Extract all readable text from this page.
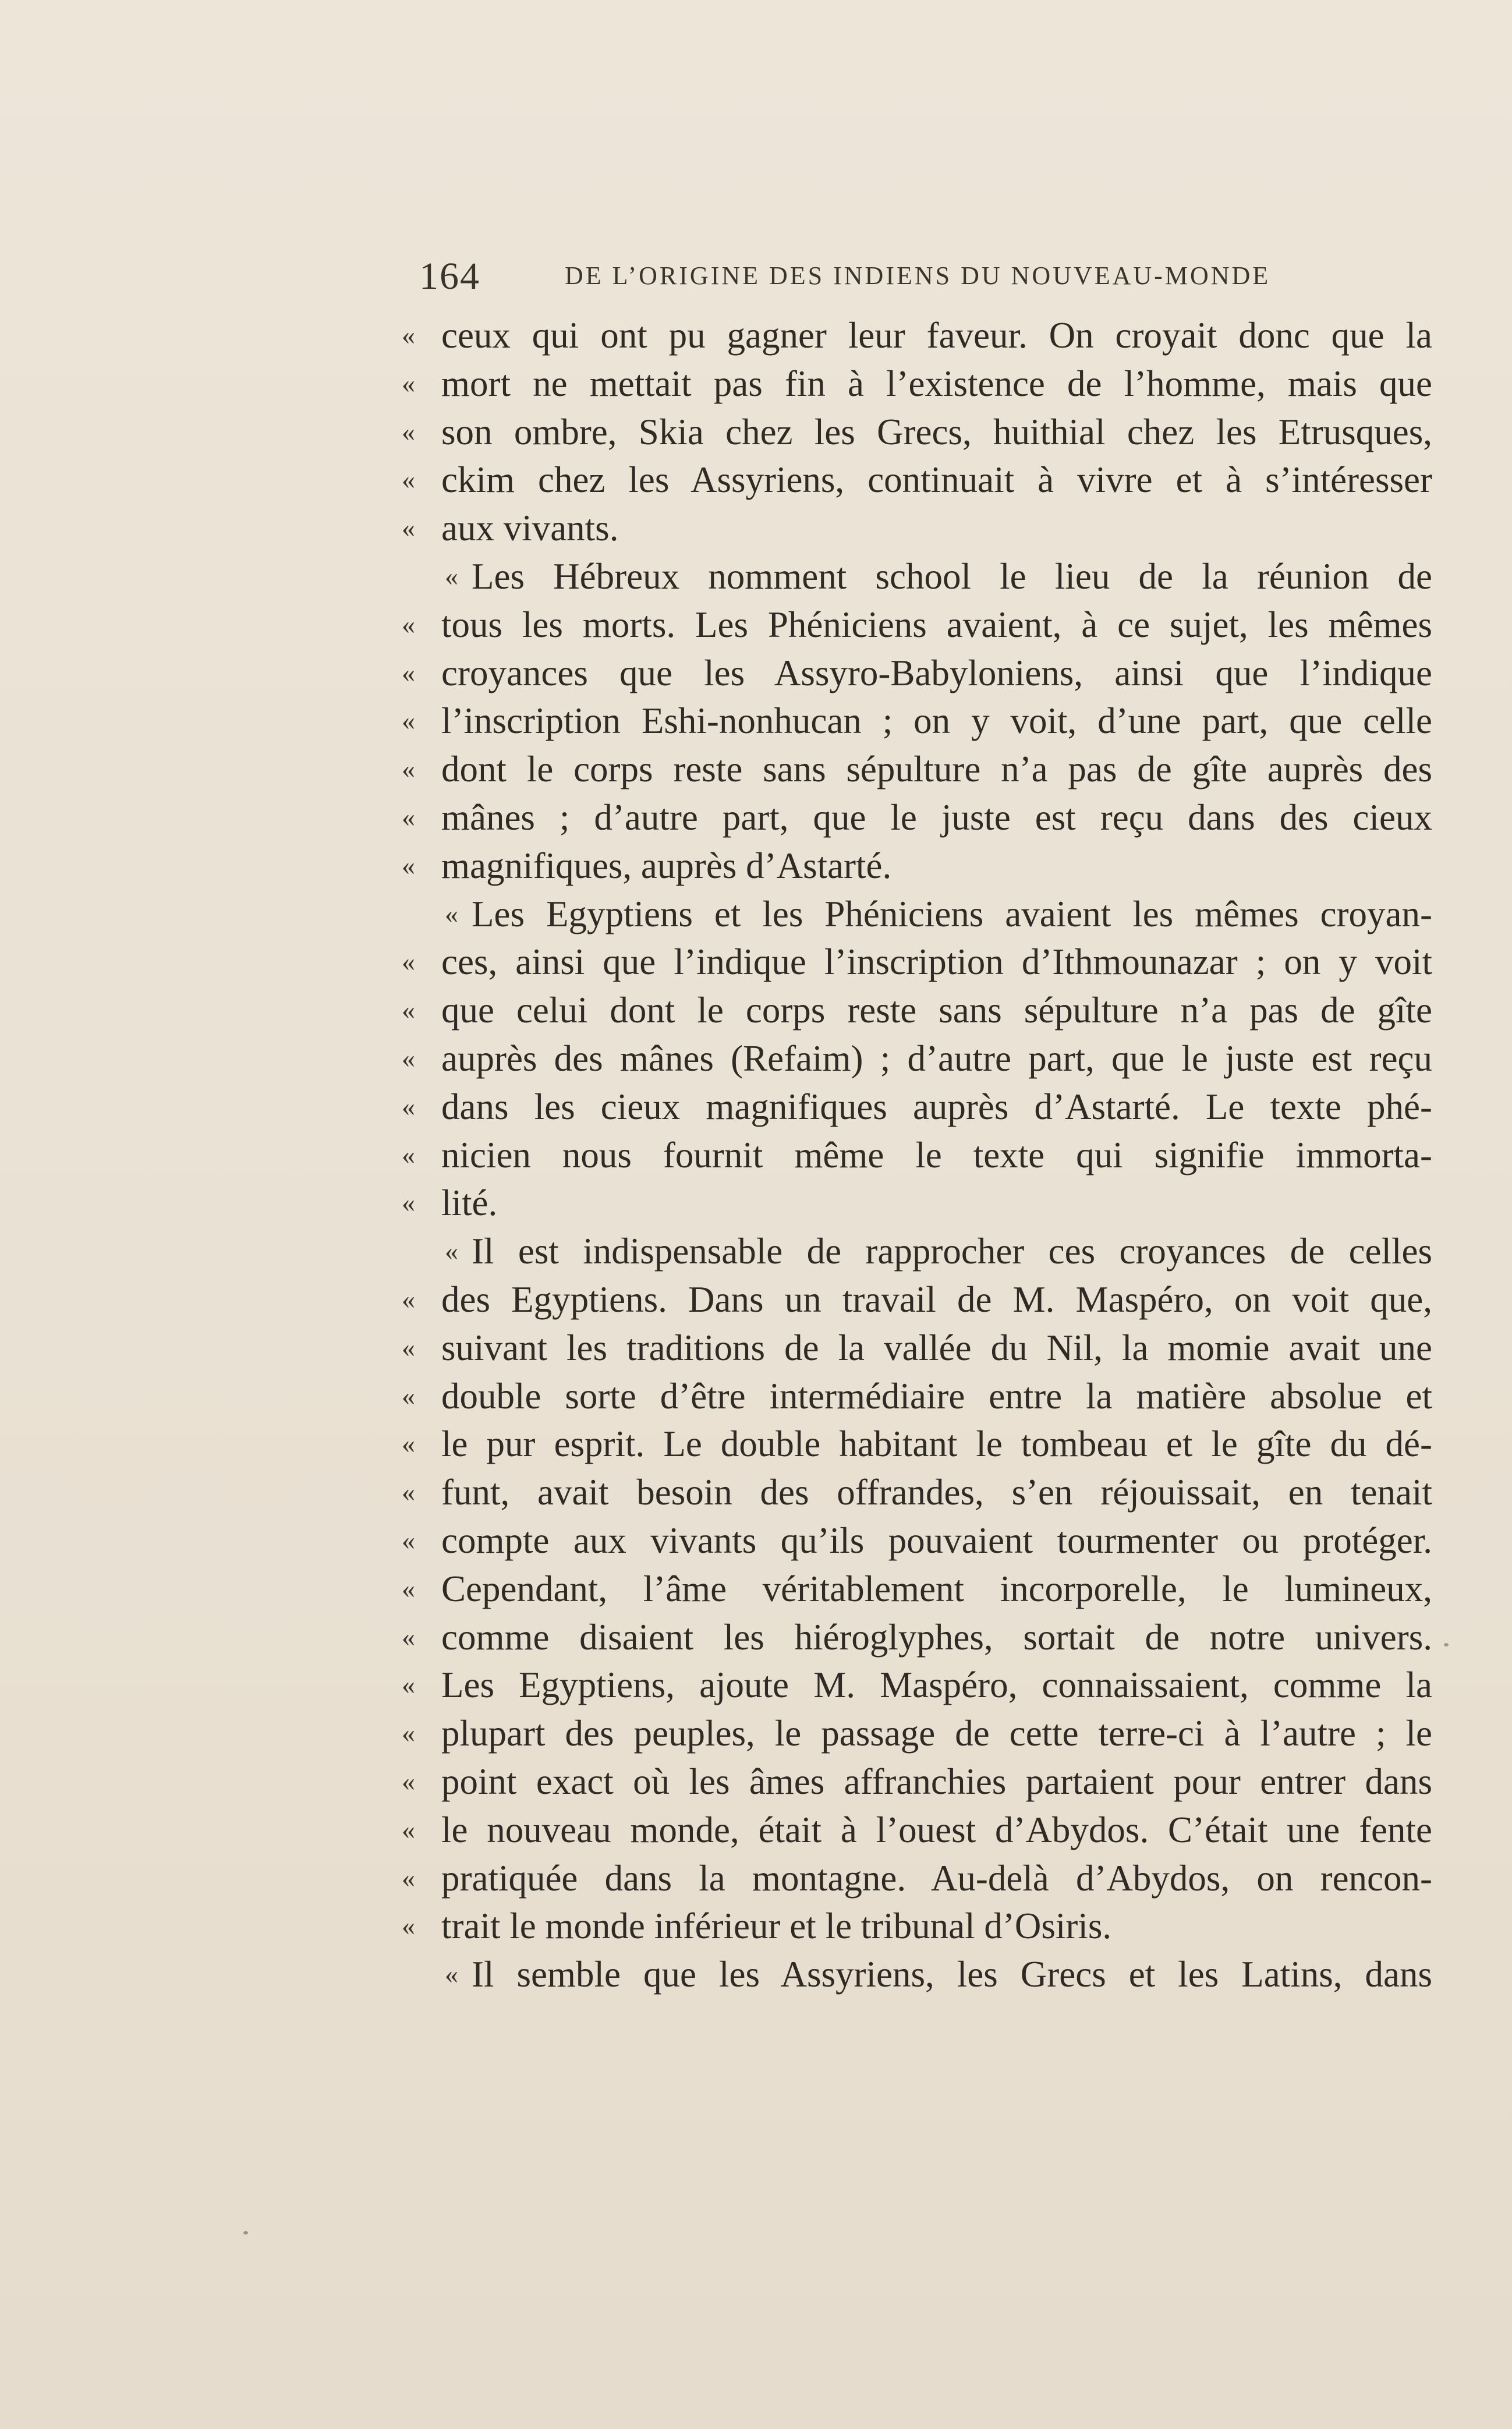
164	DE L’ORIGINE DES INDIENS DU NOUVEAU-MONDE
« ceux qui ont pu gagner leur faveur. On croyait donc que la
« mort ne mettait pas fin à l’existence de l’homme, mais que
« son ombre, Skia chez les Grecs, huithial chez les Etrusques,
« ckim chez les Assyriens, continuait à vivre et à s’intéresser
« aux vivants.
« Les Hébreux nomment school le lieu de la réunion de
« tous les morts. Les Phéniciens avaient, à ce sujet, les mêmes
« croyances que les Assyro-Babyloniens, ainsi que l’indique
« l’inscription Eshi-nonhucan ; on y voit, d’une part, que celle
« dont le corps reste sans sépulture n’a pas de gîte auprès des
« mânes ; d’autre part, que le juste est reçu dans des cieux
« magnifiques, auprès d’Astarté.
« Les Egyptiens et les Phéniciens avaient les mêmes croyan-
« ces, ainsi que l’indique l’inscription d’Ithmounazar ; on y voit
« que celui dont le corps reste sans sépulture n’a pas de gîte
« auprès des mânes (Refaim) ; d’autre part, que le juste est reçu
« dans les cieux magnifiques auprès d’Astarté. Le texte phé-
« nicien nous fournit même le texte qui signifie immorta-
« lité.
« Il est indispensable de rapprocher ces croyances de celles
« des Egyptiens. Dans un travail de M. Maspéro, on voit que,
« suivant les traditions de la vallée du Nil, la momie avait une
« double sorte d’être intermédiaire entre la matière absolue et
« le pur esprit. Le double habitant le tombeau et le gîte du dé-
« funt, avait besoin des offrandes, s’en réjouissait, en tenait
« compte aux vivants qu’ils pouvaient tourmenter ou protéger.
« Cependant, l’âme véritablement incorporelle, le lumineux,
« comme disaient les hiéroglyphes, sortait de notre univers.
« Les Egyptiens, ajoute M. Maspéro, connaissaient, comme la
« plupart des peuples, le passage de cette terre-ci à l’autre ; le
« point exact où les âmes affranchies partaient pour entrer dans
« le nouveau monde, était à l’ouest d’Abydos. C’était une fente
« pratiquée dans la montagne. Au-delà d’Abydos, on rencon-
« trait le monde inférieur et le tribunal d’Osiris.
« Il semble que les Assyriens, les Grecs et les Latins, dans
